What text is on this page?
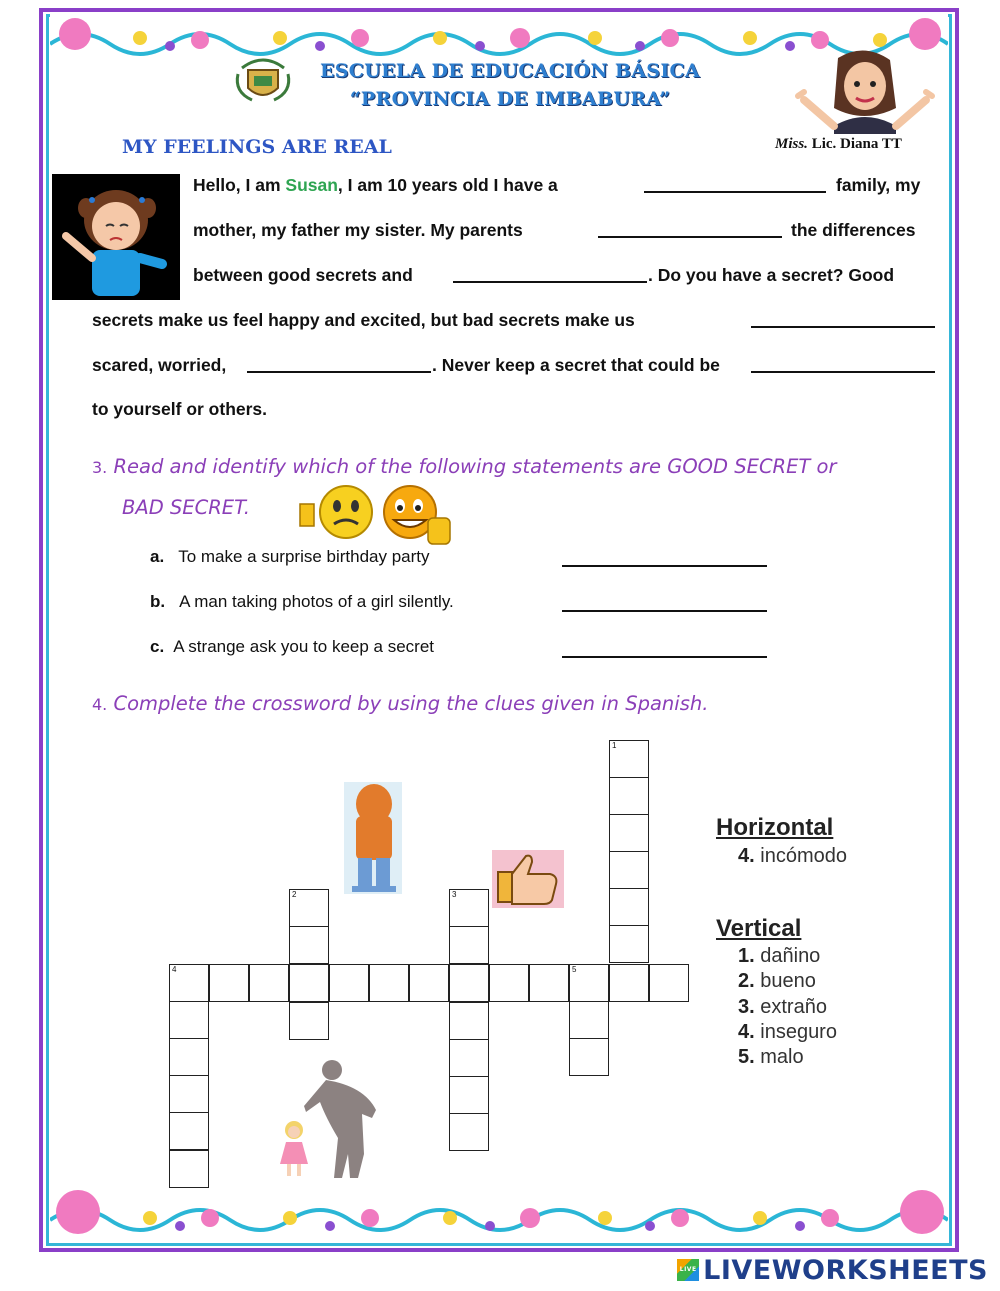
ESCUELA DE EDUCACIÓN BÁSICA
“PROVINCIA DE IMBABURA”
MY FEELINGS ARE REAL	Miss. Lic. Diana TT
Hello, I am Susan, I am 10 years old I have a	family, my
mother, my father my sister. My parents	the differences
between good secrets and	. Do you have a secret? Good
secrets make us feel happy and excited, but bad secrets make us
scared, worried,	. Never keep a secret that could be
to yourself or others.
3. Read and identify which of the following statements are GOOD SECRET or
BAD SECRET.
a. To make a surprise birthday party
b. A man taking photos of a girl silently.
c. A strange ask you to keep a secret
4. Complete the crossword by using the clues given in Spanish.
1
2	3
4	5
Horizontal
4. incómodo
Vertical
1. dañino
2. bueno
3. extraño
4. inseguro
5. malo
LIVE LIVEWORKSHEETS
